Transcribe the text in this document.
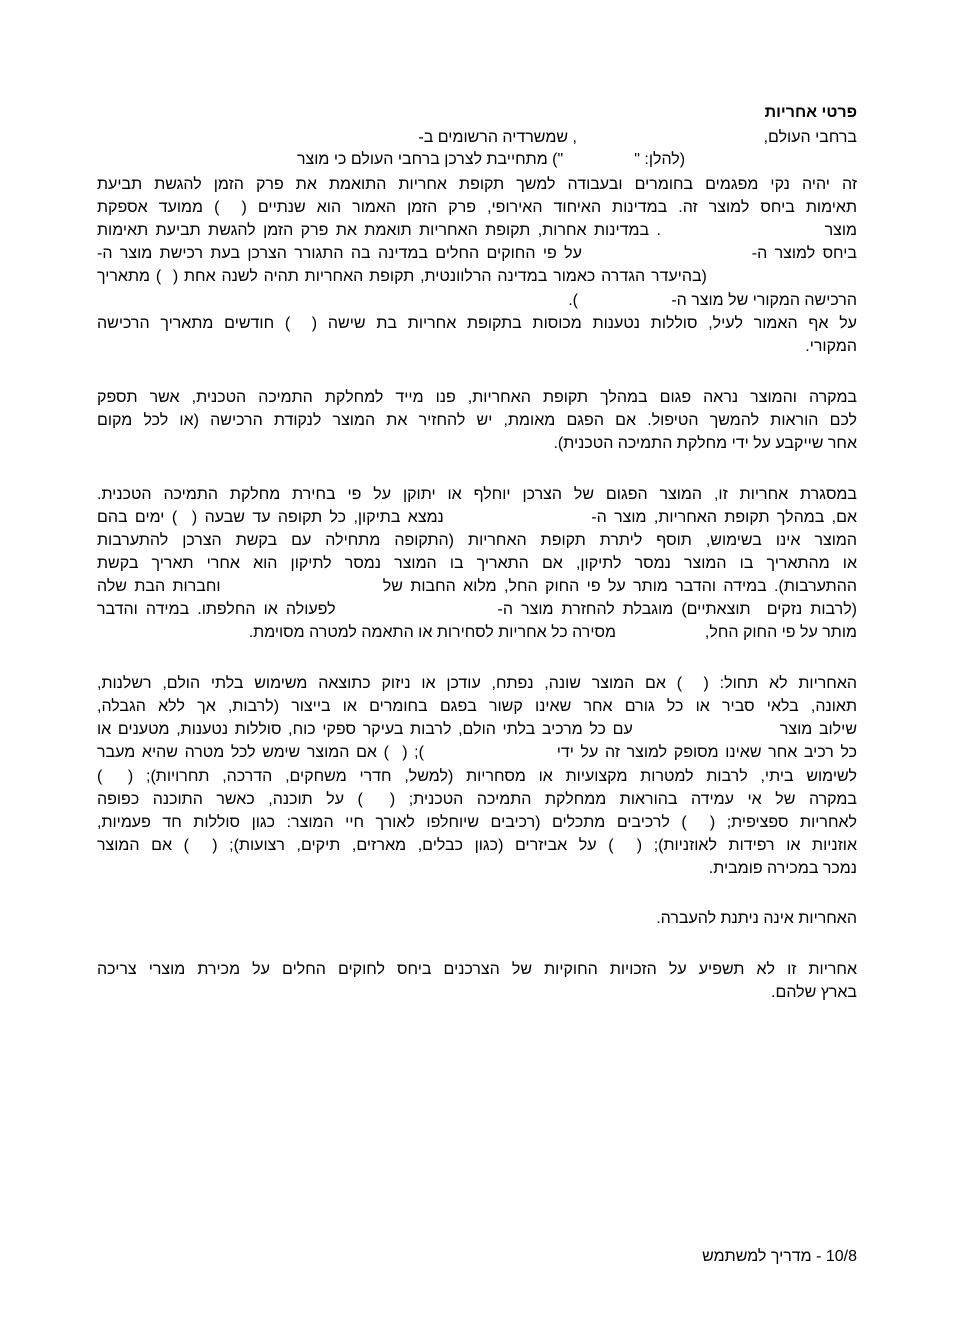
פרטי אחריות
ברחבי העולם,                                          , שמשרדיה הרשומים ב-
(להלן: "                ") מתחייבת לצרכן ברחבי העולם כי מוצר
זה יהיה נקי מפגמים בחומרים ובעבודה למשך תקופת אחריות התואמת את פרק הזמן להגשת תביעת
תאימות ביחס למוצר זה. במדינות האיחוד האירופי, פרק הזמן האמור הוא שנתיים (  ) ממועד אספקת
מוצר                      . במדינות אחרות, תקופת האחריות תואמת את פרק הזמן להגשת תביעת תאימות
ביחס למוצר ה-                       על פי החוקים החלים במדינה בה התגורר הצרכן בעת רכישת מוצר ה-
(בהיעדר הגדרה כאמור במדינה הרלוונטית, תקופת האחריות תהיה לשנה אחת (  ) מתאריך
הרכישה המקורי של מוצר ה-                     ).
על אף האמור לעיל, סוללות נטענות מכוסות בתקופת אחריות בת שישה (  ) חודשים מתאריך הרכישה
המקורי.
במקרה והמוצר נראה פגום במהלך תקופת האחריות, פנו מייד למחלקת התמיכה הטכנית, אשר תספק
לכם הוראות להמשך הטיפול. אם הפגם מאומת, יש להחזיר את המוצר לנקודת הרכישה (או לכל מקום
אחר שייקבע על ידי מחלקת התמיכה הטכנית).
במסגרת אחריות זו, המוצר הפגום של הצרכן יוחלף או יתוקן על פי בחירת מחלקת התמיכה הטכנית.
אם, במהלך תקופת האחריות, מוצר ה-                    נמצא בתיקון, כל תקופה עד שבעה (  ) ימים בהם
המוצר אינו בשימוש, תוסף ליתרת תקופת האחריות (התקופה מתחילה עם בקשת הצרכן להתערבות
או מהתאריך בו המוצר נמסר לתיקון, אם התאריך בו המוצר נמסר לתיקון הוא אחרי תאריך בקשת
ההתערבות). במידה והדבר מותר על פי החוק החל, מלוא החבות של                      וחברות הבת שלה
(לרבות נזקים  תוצאתיים) מוגבלת להחזרת מוצר ה-                    לפעולה או החלפתו. במידה והדבר
מותר על פי החוק החל,                    מסירה כל אחריות לסחירות או התאמה למטרה מסוימת.
האחריות לא תחול: (  ) אם המוצר שונה, נפתח, עודכן או ניזוק כתוצאה משימוש בלתי הולם, רשלנות,
תאונה, בלאי סביר או כל גורם אחר שאינו קשור בפגם בחומרים או בייצור (לרבות, אך ללא הגבלה,
שילוב מוצר                      עם כל מרכיב בלתי הולם, לרבות בעיקר ספקי כוח, סוללות נטענות, מטענים או
כל רכיב אחר שאינו מסופק למוצר זה על ידי                    ); (  ) אם המוצר שימש לכל מטרה שהיא מעבר
לשימוש ביתי, לרבות למטרות מקצועיות או מסחריות (למשל, חדרי משחקים, הדרכה, תחרויות); (  )
במקרה של אי עמידה בהוראות ממחלקת התמיכה הטכנית; (  ) על תוכנה, כאשר התוכנה כפופה
לאחריות ספציפית; (  ) לרכיבים מתכלים (רכיבים שיוחלפו לאורך חיי המוצר: כגון סוללות חד פעמיות,
אוזניות או רפידות לאוזניות); (  ) על אביזרים (כגון כבלים, מארזים, תיקים, רצועות); (  ) אם המוצר
נמכר במכירה פומבית.
האחריות אינה ניתנת להעברה.
אחריות זו לא תשפיע על הזכויות החוקיות של הצרכנים ביחס לחוקים החלים על מכירת מוצרי צריכה
בארץ שלהם.
10/8 - מדריך למשתמש
